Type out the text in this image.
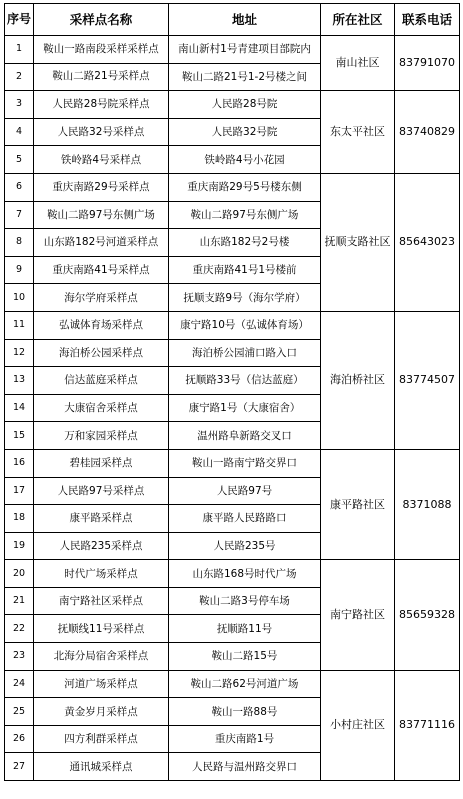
序号	采样点名称	地址	所在社区	联系电话
1	鞍山一路南段采样采样点	南山新村1号青建项目部院内	南山社区	83791070
2	鞍山二路21号采样点	鞍山二路21号1-2号楼之间		
3	人民路28号院采样点	人民路28号院	东太平社区	83740829
4	人民路32号采样点	人民路32号院		
5	铁岭路4号采样点	铁岭路4号小花园		
6	重庆南路29号采样点	重庆南路29号5号楼东侧	抚顺支路社区	85643023
7	鞍山二路97号东侧广场	鞍山二路97号东侧广场		
8	山东路182号河道采样点	山东路182号2号楼		
9	重庆南路41号采样点	重庆南路41号1号楼前		
10	海尔学府采样点	抚顺支路9号（海尔学府）		
11	弘诚体育场采样点	康宁路10号（弘诚体育场）	海泊桥社区	83774507
12	海泊桥公园采样点	海泊桥公园浦口路入口		
13	信达蓝庭采样点	抚顺路33号（信达蓝庭）		
14	大康宿舍采样点	康宁路1号（大康宿舍）		
15	万和家园采样点	温州路阜新路交叉口		
16	碧桂园采样点	鞍山一路南宁路交界口	康平路社区	8371088
17	人民路97号采样点	人民路97号		
18	康平路采样点	康平路人民路路口		
19	人民路235采样点	人民路235号		
20	时代广场采样点	山东路168号时代广场	南宁路社区	85659328
21	南宁路社区采样点	鞍山二路3号停车场		
22	抚顺线11号采样点	抚顺路11号		
23	北海分局宿舍采样点	鞍山二路15号		
24	河道广场采样点	鞍山二路62号河道广场	小村庄社区	83771116
25	黄金岁月采样点	鞍山一路88号		
26	四方利群采样点	重庆南路1号		
27	通讯城采样点	人民路与温州路交界口		
